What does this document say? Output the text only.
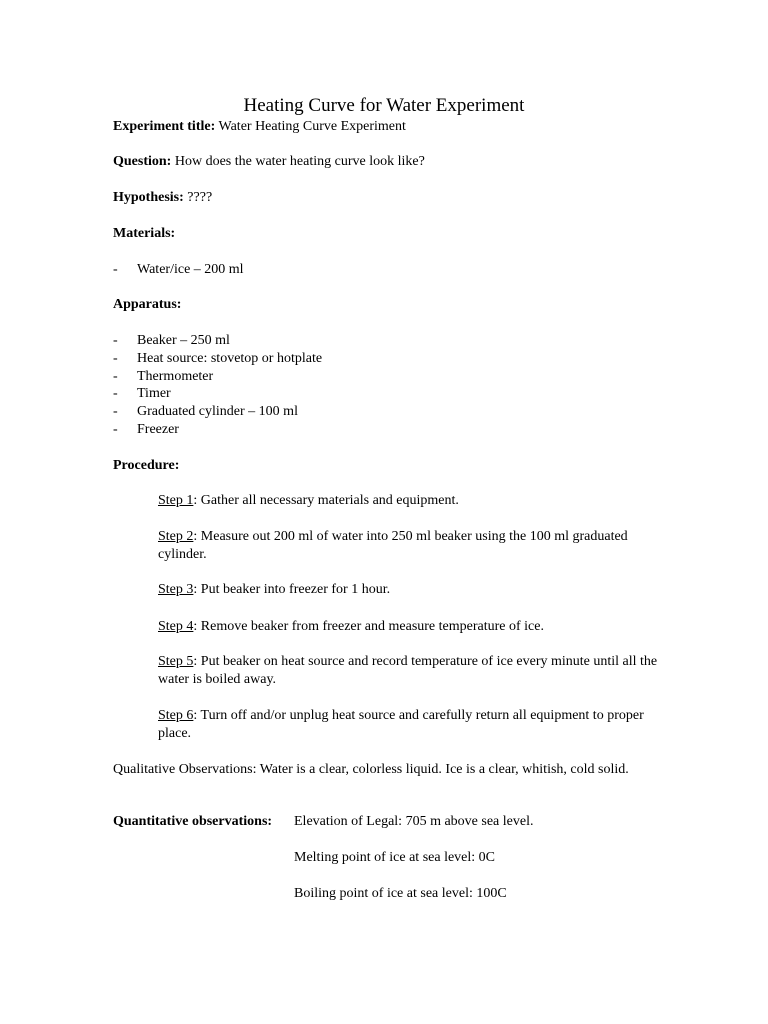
Heating Curve for Water Experiment
Experiment title: Water Heating Curve Experiment
Question: How does the water heating curve look like?
Hypothesis: ????
Materials:
- Water/ice – 200 ml
Apparatus:
- Beaker – 250 ml
- Heat source: stovetop or hotplate
- Thermometer
- Timer
- Graduated cylinder – 100 ml
- Freezer
Procedure:
Step 1: Gather all necessary materials and equipment.
Step 2: Measure out 200 ml of water into 250 ml beaker using the 100 ml graduated cylinder.
Step 3: Put beaker into freezer for 1 hour.
Step 4: Remove beaker from freezer and measure temperature of ice.
Step 5: Put beaker on heat source and record temperature of ice every minute until all the water is boiled away.
Step 6: Turn off and/or unplug heat source and carefully return all equipment to proper place.
Qualitative Observations: Water is a clear, colorless liquid. Ice is a clear, whitish, cold solid.
Quantitative observations: Elevation of Legal: 705 m above sea level.
Melting point of ice at sea level: 0C
Boiling point of ice at sea level: 100C
